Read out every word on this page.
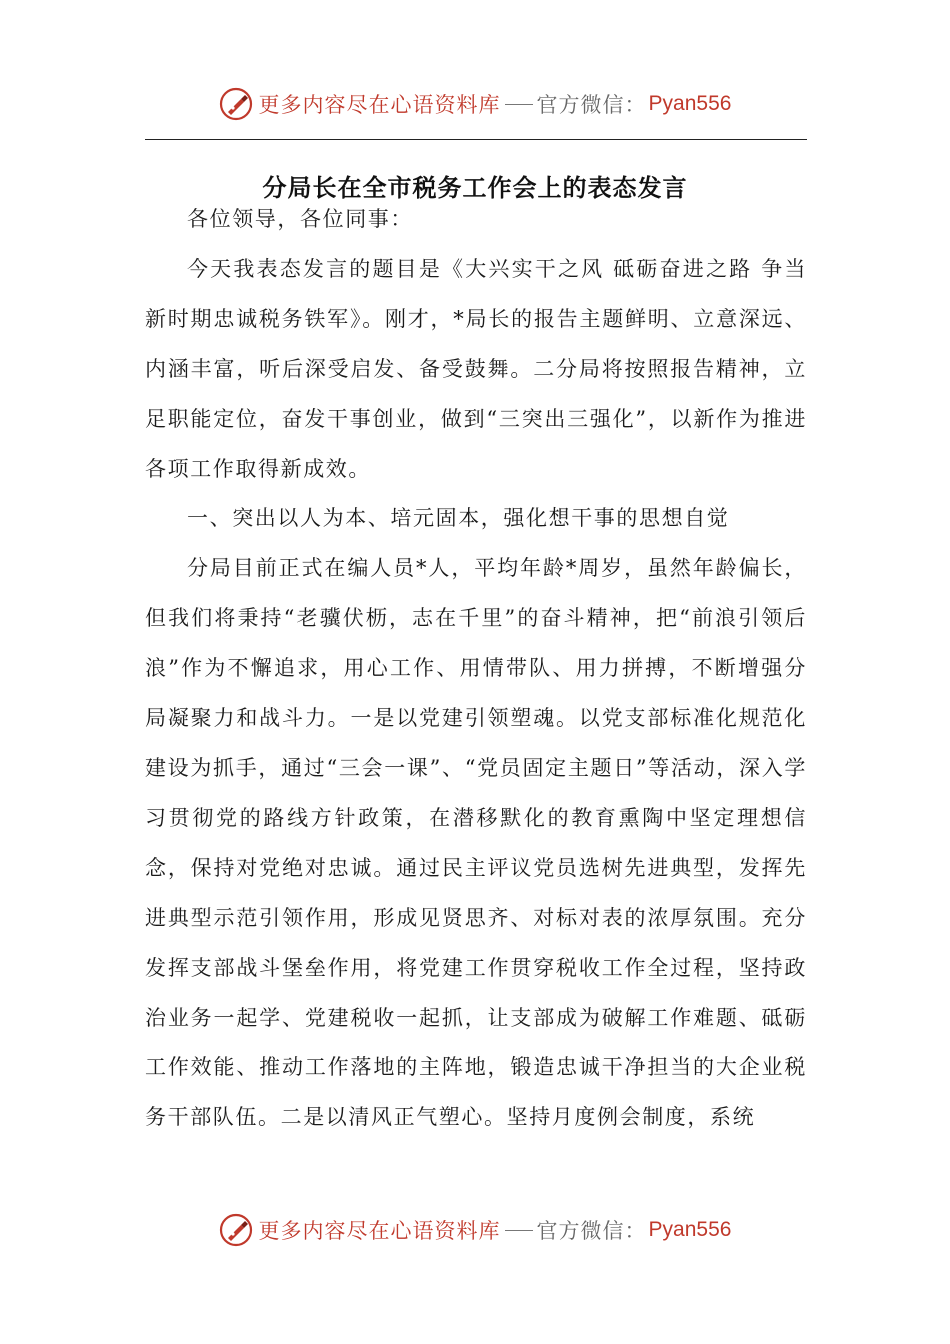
更多内容尽在心语资料库 官方微信： Pyan556
分局长在全市税务工作会上的表态发言

各位领导，各位同事：

今天我表态发言的题目是《大兴实干之风 砥砺奋进之路 争当新时期忠诚税务铁军》。刚才，*局长的报告主题鲜明、立意深远、内涵丰富，听后深受启发、备受鼓舞。二分局将按照报告精神，立足职能定位，奋发干事创业，做到“三突出三强化”，以新作为推进各项工作取得新成效。

一、突出以人为本、培元固本，强化想干事的思想自觉

分局目前正式在编人员*人，平均年龄*周岁，虽然年龄偏长，但我们将秉持“老骥伏枥，志在千里”的奋斗精神，把“前浪引领后浪”作为不懈追求，用心工作、用情带队、用力拼搏，不断增强分局凝聚力和战斗力。一是以党建引领塑魂。以党支部标准化规范化建设为抓手，通过“三会一课”、“党员固定主题日”等活动，深入学习贯彻党的路线方针政策，在潜移默化的教育熏陶中坚定理想信念，保持对党绝对忠诚。通过民主评议党员选树先进典型，发挥先进典型示范引领作用，形成见贤思齐、对标对表的浓厚氛围。充分发挥支部战斗堡垒作用，将党建工作贯穿税收工作全过程，坚持政治业务一起学、党建税收一起抓，让支部成为破解工作难题、砥砺工作效能、推动工作落地的主阵地，锻造忠诚干净担当的大企业税务干部队伍。二是以清风正气塑心。坚持月度例会制度，系统

更多内容尽在心语资料库 官方微信： Pyan556
